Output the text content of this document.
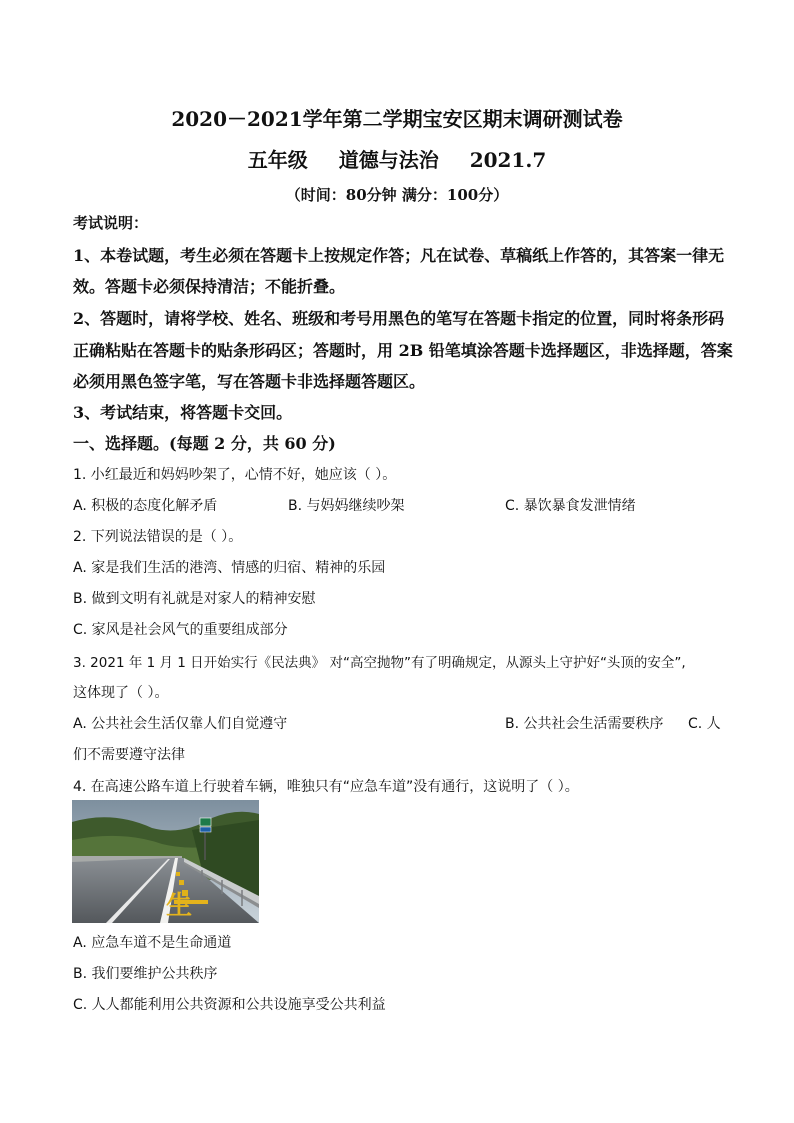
2020－2021学年第二学期宝安区期末调研测试卷
五年级 道德与法治 2021.7
（时间：80分钟 满分：100分）
考试说明：
1、本卷试题，考生必须在答题卡上按规定作答；凡在试卷、草稿纸上作答的，其答案一律无
效。答题卡必须保持清洁；不能折叠。
2、答题时，请将学校、姓名、班级和考号用黑色的笔写在答题卡指定的位置，同时将条形码
正确粘贴在答题卡的贴条形码区；答题时，用 2B 铅笔填涂答题卡选择题区，非选择题，答案
必须用黑色签字笔，写在答题卡非选择题答题区。
3、考试结束，将答题卡交回。
一、选择题。(每题 2 分，共 60 分)
1. 小红最近和妈妈吵架了，心情不好，她应该（ ）。
A. 积极的态度化解矛盾	B. 与妈妈继续吵架	C. 暴饮暴食发泄情绪
2. 下列说法错误的是（ ）。
A. 家是我们生活的港湾、情感的归宿、精神的乐园
B. 做到文明有礼就是对家人的精神安慰
C. 家风是社会风气的重要组成部分
3. 2021 年 1 月 1 日开始实行《民法典》 对“高空抛物”有了明确规定，从源头上守护好“头顶的安全”,
这体现了（ ）。
A. 公共社会生活仅靠人们自觉遵守	B. 公共社会生活需要秩序 C. 人
们不需要遵守法律
4. 在高速公路车道上行驶着车辆，唯独只有“应急车道”没有通行，这说明了（ ）。
生
A. 应急车道不是生命通道
B. 我们要维护公共秩序
C. 人人都能利用公共资源和公共设施享受公共利益
